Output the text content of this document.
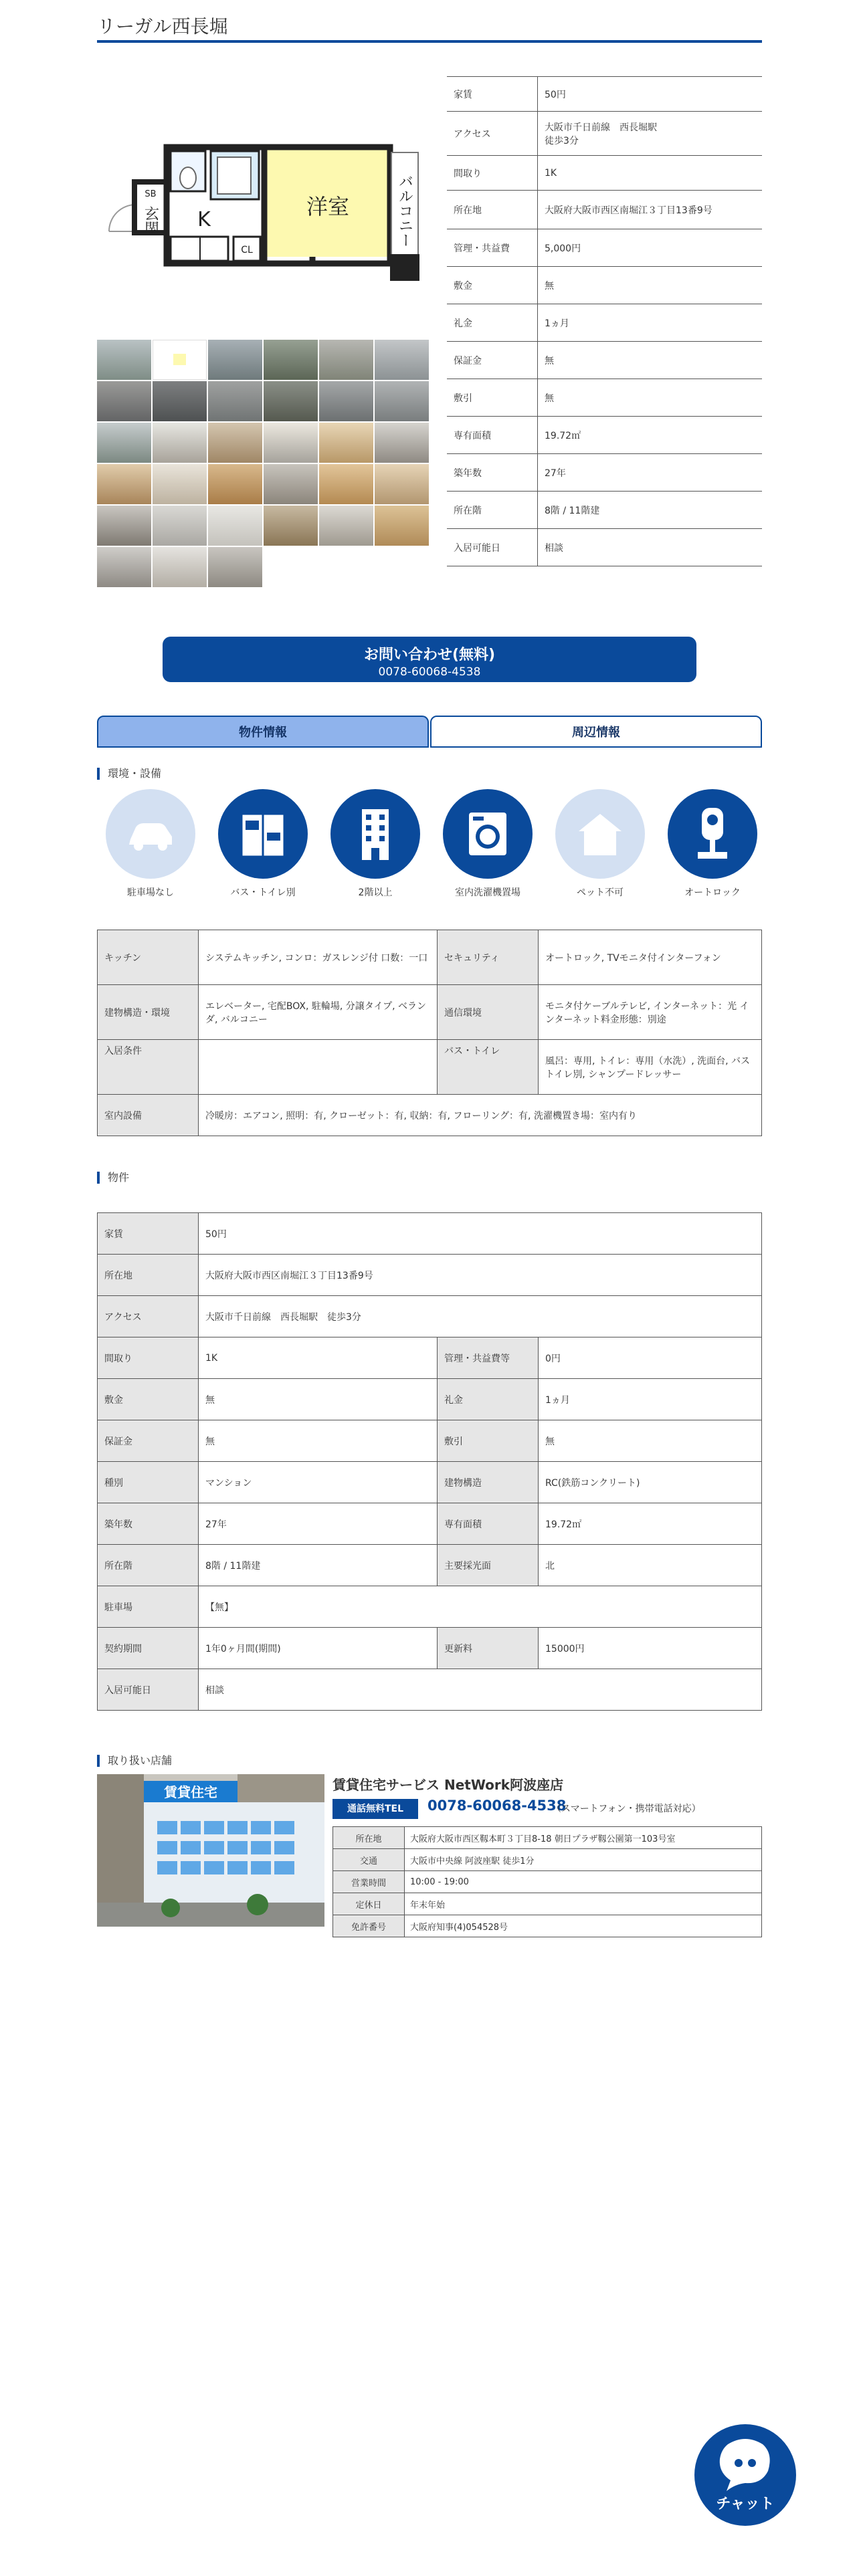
リーガル西長堀
洋室
K
CL
SB
玄関	バルコニー
家賃	50円
アクセス	大阪市千日前線　西長堀駅
徒歩3分
間取り	1K
所在地	大阪府大阪市西区南堀江３丁目13番9号
管理・共益費	5,000円
敷金	無
礼金	1ヵ月
保証金	無
敷引	無
専有面積	19.72㎡
築年数	27年
所在階	8階 / 11階建
入居可能日	相談
お問い合わせ(無料)
0078-60068-4538
物件情報	周辺情報
環境・設備
駐車場なし	バス・トイレ別	2階以上	室内洗濯機置場	ペット不可	オートロック
キッチン	システムキッチン, コンロ：ガスレンジ付 口数：一口	セキュリティ	オートロック, TVモニタ付インターフォン
建物構造・環境	エレベーター, 宅配BOX, 駐輪場, 分譲タイプ, ベランダ, バルコニー	通信環境	モニタ付ケーブルテレビ, インターネット：光 インターネット料金形態：別途
入居条件		バス・トイレ	風呂：専用, トイレ：専用（水洗）, 洗面台, バストイレ別, シャンプードレッサー
室内設備	冷暖房：エアコン, 照明：有, クローゼット：有, 収納：有, フローリング：有, 洗濯機置き場：室内有り		
物件
家賃	50円		
所在地	大阪府大阪市西区南堀江３丁目13番9号		
アクセス	大阪市千日前線　西長堀駅　徒歩3分		
間取り	1K	管理・共益費等	0円
敷金	無	礼金	1ヵ月
保証金	無	敷引	無
種別	マンション	建物構造	RC(鉄筋コンクリート)
築年数	27年	専有面積	19.72㎡
所在階	8階 / 11階建	主要採光面	北
駐車場	【無】		
契約期間	1年0ヶ月間(期間)	更新料	15000円
入居可能日	相談		
取り扱い店舗
賃貸住宅	賃貸住宅サービス NetWork阿波座店
通話無料TEL	0078-60068-4538
（スマートフォン・携帯電話対応）
所在地	大阪府大阪市西区靱本町３丁目8-18 朝日プラザ靱公園第一103号室
交通	大阪市中央線 阿波座駅 徒歩1分
営業時間	10:00 - 19:00
定休日	年末年始
免許番号	大阪府知事(4)054528号
チャット
